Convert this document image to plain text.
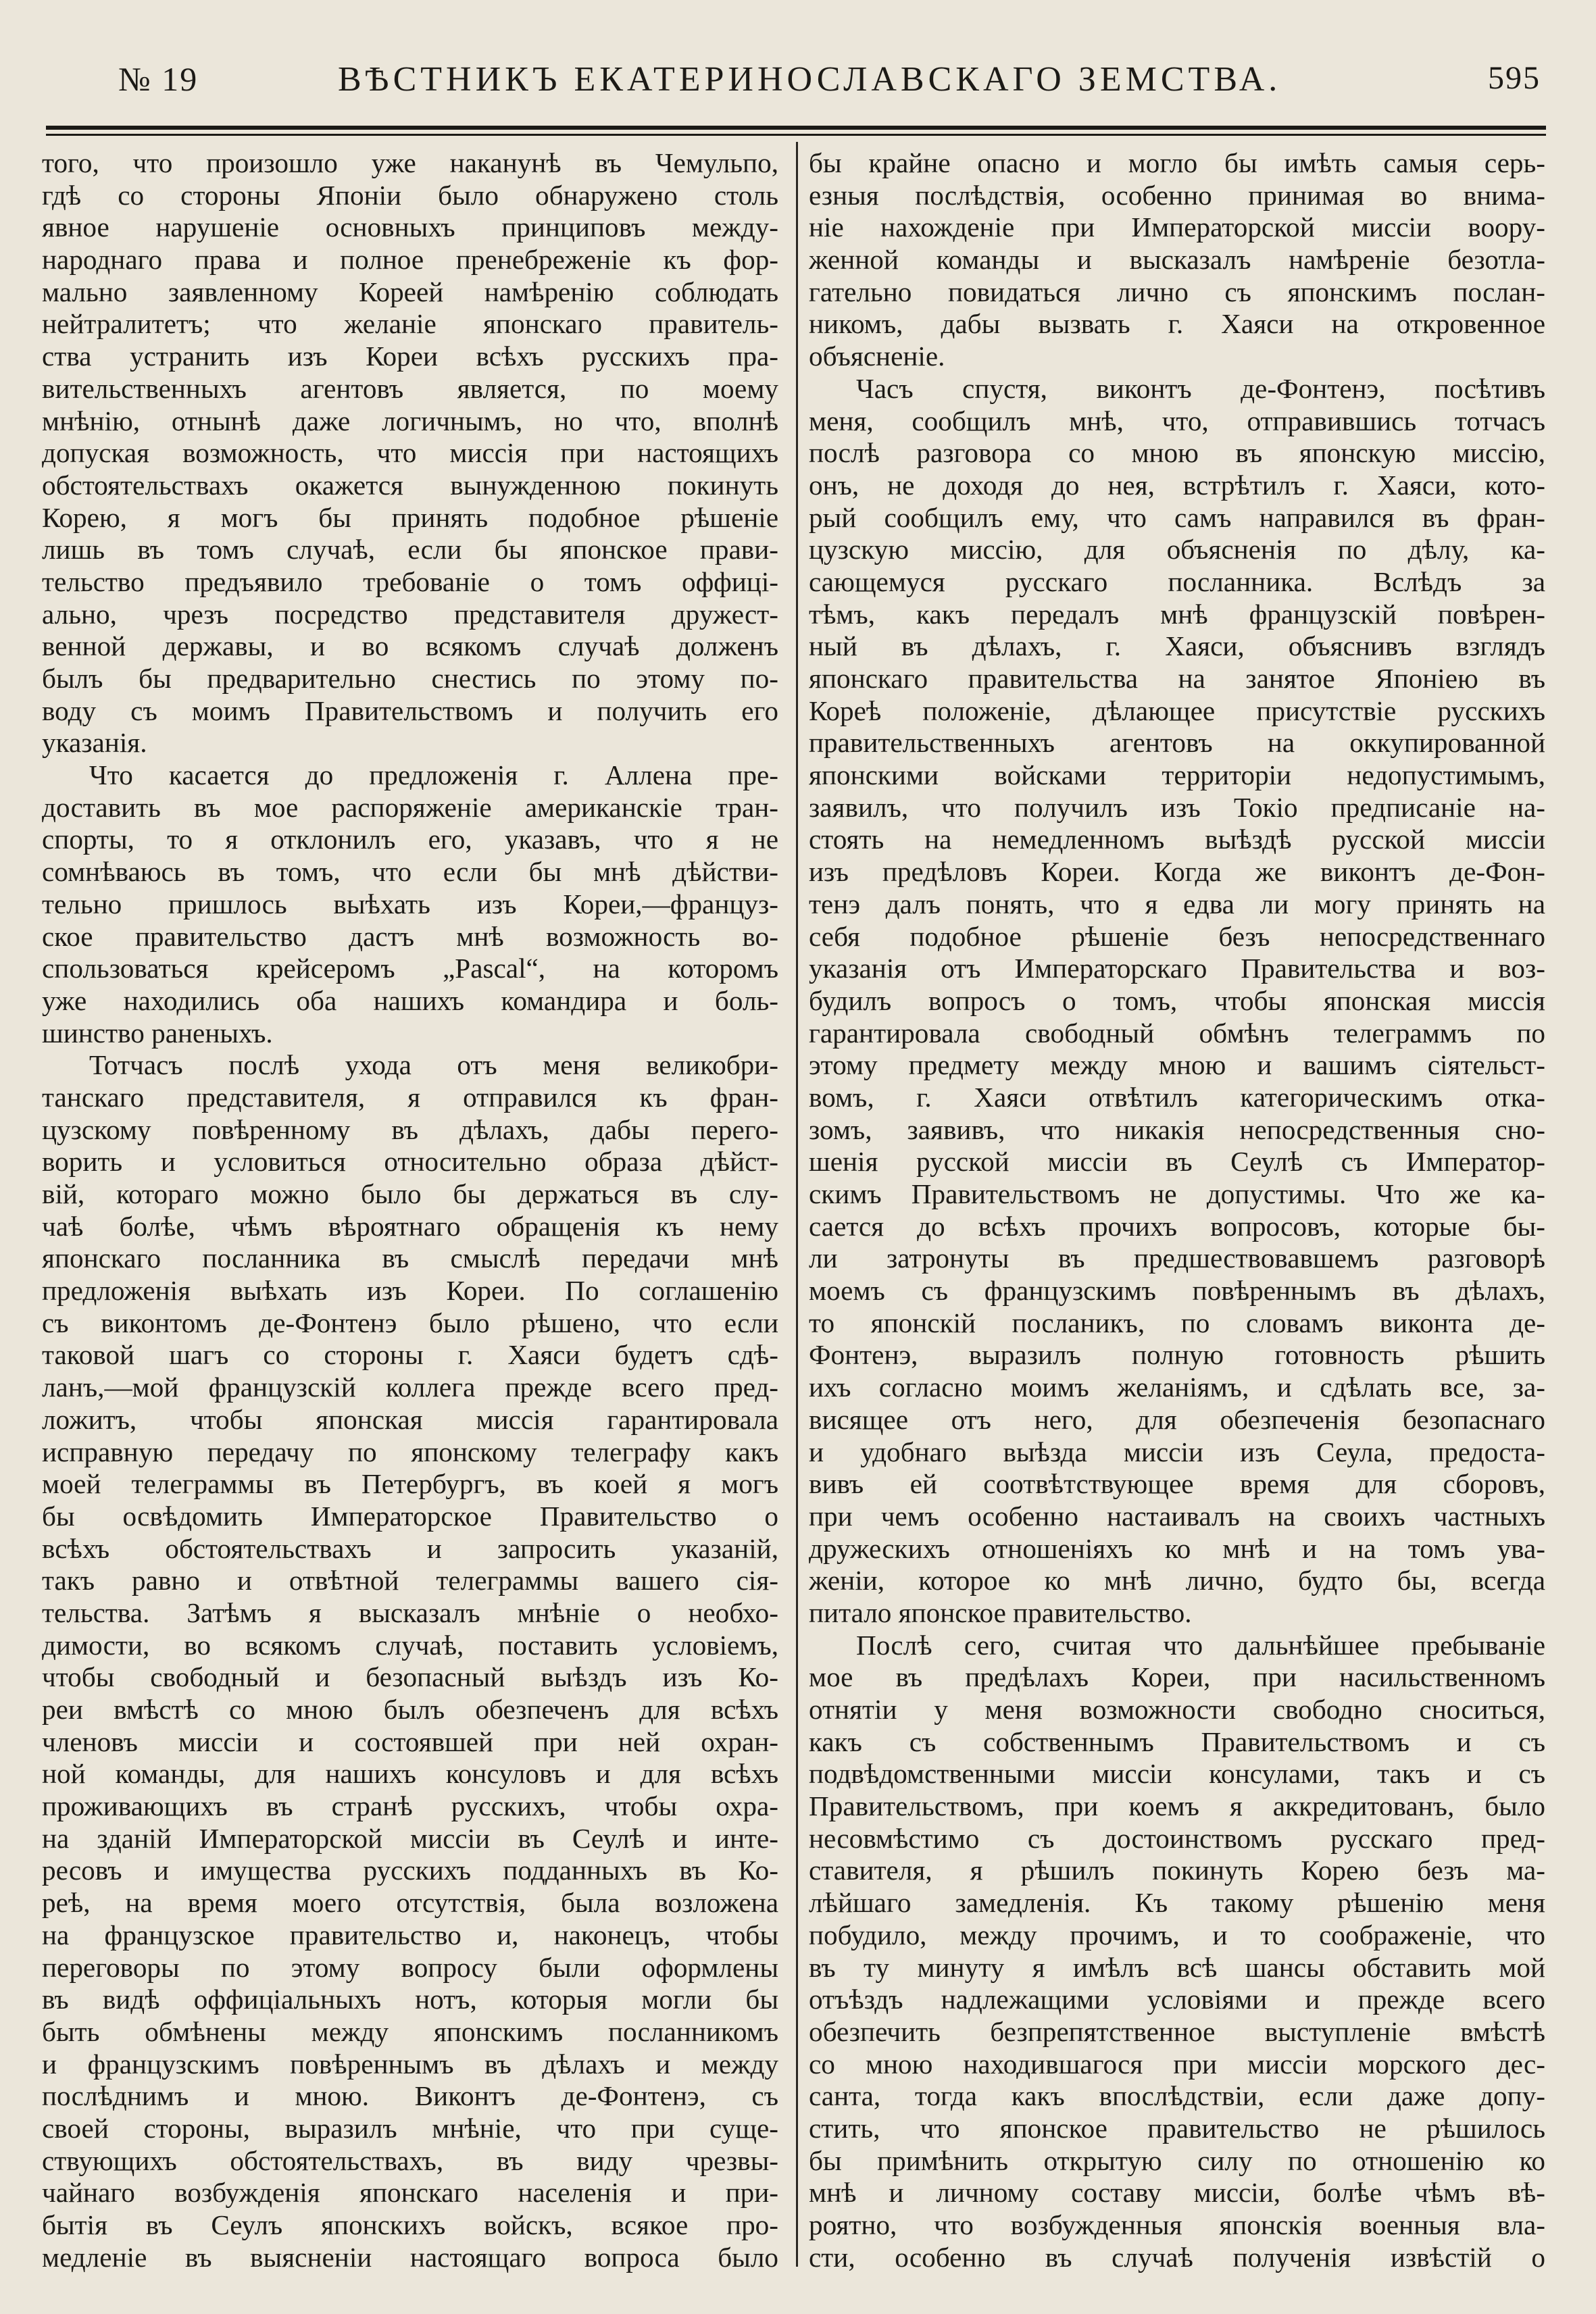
№ 19	ВѢСТНИКЪ ЕКАТЕРИНОСЛАВСКАГО ЗЕМСТВА.	595
того, что произошло уже наканунѣ въ Чемульпо,
гдѣ со стороны Японіи было обнаружено столь
явное нарушеніе основныхъ принциповъ между-
народнаго права и полное пренебреженіе къ фор-
мально заявленному Кореей намѣренію соблюдать
нейтралитетъ; что желаніе японскаго правитель-
ства устранить изъ Кореи всѣхъ русскихъ пра-
вительственныхъ агентовъ является, по моему
мнѣнію, отнынѣ даже логичнымъ, но что, вполнѣ
допуская возможность, что миссія при настоящихъ
обстоятельствахъ окажется вынужденною покинуть
Корею, я могъ бы принять подобное рѣшеніе
лишь въ томъ случаѣ, если бы японское прави-
тельство предъявило требованіе о томъ оффиці-
ально, чрезъ посредство представителя дружест-
венной державы, и во всякомъ случаѣ долженъ
былъ бы предварительно снестись по этому по-
воду съ моимъ Правительствомъ и получить его
указанія.
Что касается до предложенія г. Аллена пре-
доставить въ мое распоряженіе американскіе тран-
спорты, то я отклонилъ его, указавъ, что я не
сомнѣваюсь въ томъ, что если бы мнѣ дѣйстви-
тельно пришлось выѣхать изъ Кореи,—француз-
ское правительство дастъ мнѣ возможность во-
спользоваться крейсеромъ „Pascal“, на которомъ
уже находились оба нашихъ командира и боль-
шинство раненыхъ.
Тотчасъ послѣ ухода отъ меня великобри-
танскаго представителя, я отправился къ фран-
цузскому повѣренному въ дѣлахъ, дабы перего-
ворить и условиться относительно образа дѣйст-
вій, котораго можно было бы держаться въ слу-
чаѣ болѣе, чѣмъ вѣроятнаго обращенія къ нему
японскаго посланника въ смыслѣ передачи мнѣ
предложенія выѣхать изъ Кореи. По соглашенію
съ виконтомъ де-Фонтенэ было рѣшено, что если
таковой шагъ со стороны г. Хаяси будетъ сдѣ-
ланъ,—мой французскій коллега прежде всего пред-
ложитъ, чтобы японская миссія гарантировала
исправную передачу по японскому телеграфу какъ
моей телеграммы въ Петербургъ, въ коей я могъ
бы освѣдомить Императорское Правительство о
всѣхъ обстоятельствахъ и запросить указаній,
такъ равно и отвѣтной телеграммы вашего сія-
тельства. Затѣмъ я высказалъ мнѣніе о необхо-
димости, во всякомъ случаѣ, поставить условіемъ,
чтобы свободный и безопасный выѣздъ изъ Ко-
реи вмѣстѣ со мною былъ обезпеченъ для всѣхъ
членовъ миссіи и состоявшей при ней охран-
ной команды, для нашихъ консуловъ и для всѣхъ
проживающихъ въ странѣ русскихъ, чтобы охра-
на зданій Императорской миссіи въ Сеулѣ и инте-
ресовъ и имущества русскихъ подданныхъ въ Ко-
реѣ, на время моего отсутствія, была возложена
на французское правительство и, наконецъ, чтобы
переговоры по этому вопросу были оформлены
въ видѣ оффиціальныхъ нотъ, которыя могли бы
быть обмѣнены между японскимъ посланникомъ
и французскимъ повѣреннымъ въ дѣлахъ и между
послѣднимъ и мною. Виконтъ де-Фонтенэ, съ
своей стороны, выразилъ мнѣніе, что при суще-
ствующихъ обстоятельствахъ, въ виду чрезвы-
чайнаго возбужденія японскаго населенія и при-
бытія въ Сеулъ японскихъ войскъ, всякое про-
медленіе въ выясненіи настоящаго вопроса было
бы крайне опасно и могло бы имѣть самыя серь-
езныя послѣдствія, особенно принимая во внима-
ніе нахожденіе при Императорской миссіи воору-
женной команды и высказалъ намѣреніе безотла-
гательно повидаться лично съ японскимъ послан-
никомъ, дабы вызвать г. Хаяси на откровенное
объясненіе.
Часъ спустя, виконтъ де-Фонтенэ, посѣтивъ
меня, сообщилъ мнѣ, что, отправившись тотчасъ
послѣ разговора со мною въ японскую миссію,
онъ, не доходя до нея, встрѣтилъ г. Хаяси, кото-
рый сообщилъ ему, что самъ направился въ фран-
цузскую миссію, для объясненія по дѣлу, ка-
сающемуся русскаго посланника. Вслѣдъ за
тѣмъ, какъ передалъ мнѣ французскій повѣрен-
ный въ дѣлахъ, г. Хаяси, объяснивъ взглядъ
японскаго правительства на занятое Японіею въ
Кореѣ положеніе, дѣлающее присутствіе русскихъ
правительственныхъ агентовъ на оккупированной
японскими войсками территоріи недопустимымъ,
заявилъ, что получилъ изъ Токіо предписаніе на-
стоять на немедленномъ выѣздѣ русской миссіи
изъ предѣловъ Кореи. Когда же виконтъ де-Фон-
тенэ далъ понять, что я едва ли могу принять на
себя подобное рѣшеніе безъ непосредственнаго
указанія отъ Императорскаго Правительства и воз-
будилъ вопросъ о томъ, чтобы японская миссія
гарантировала свободный обмѣнъ телеграммъ по
этому предмету между мною и вашимъ сіятельст-
вомъ, г. Хаяси отвѣтилъ категорическимъ отка-
зомъ, заявивъ, что никакія непосредственныя сно-
шенія русской миссіи въ Сеулѣ съ Император-
скимъ Правительствомъ не допустимы. Что же ка-
сается до всѣхъ прочихъ вопросовъ, которые бы-
ли затронуты въ предшествовавшемъ разговорѣ
моемъ съ французскимъ повѣреннымъ въ дѣлахъ,
то японскій посланикъ, по словамъ виконта де-
Фонтенэ, выразилъ полную готовность рѣшить
ихъ согласно моимъ желаніямъ, и сдѣлать все, за-
висящее отъ него, для обезпеченія безопаснаго
и удобнаго выѣзда миссіи изъ Сеула, предоста-
вивъ ей соотвѣтствующее время для сборовъ,
при чемъ особенно настаивалъ на своихъ частныхъ
дружескихъ отношеніяхъ ко мнѣ и на томъ ува-
женіи, которое ко мнѣ лично, будто бы, всегда
питало японское правительство.
Послѣ сего, считая что дальнѣйшее пребываніе
мое въ предѣлахъ Кореи, при насильственномъ
отнятіи у меня возможности свободно сноситься,
какъ съ собственнымъ Правительствомъ и съ
подвѣдомственными миссіи консулами, такъ и съ
Правительствомъ, при коемъ я аккредитованъ, было
несовмѣстимо съ достоинствомъ русскаго пред-
ставителя, я рѣшилъ покинуть Корею безъ ма-
лѣйшаго замедленія. Къ такому рѣшенію меня
побудило, между прочимъ, и то соображеніе, что
въ ту минуту я имѣлъ всѣ шансы обставить мой
отъѣздъ надлежащими условіями и прежде всего
обезпечить безпрепятственное выступленіе вмѣстѣ
со мною находившагося при миссіи морского дес-
санта, тогда какъ впослѣдствіи, если даже допу-
стить, что японское правительство не рѣшилось
бы примѣнить открытую силу по отношенію ко
мнѣ и личному составу миссіи, болѣе чѣмъ вѣ-
роятно, что возбужденныя японскія военныя вла-
сти, особенно въ случаѣ полученія извѣстій о
